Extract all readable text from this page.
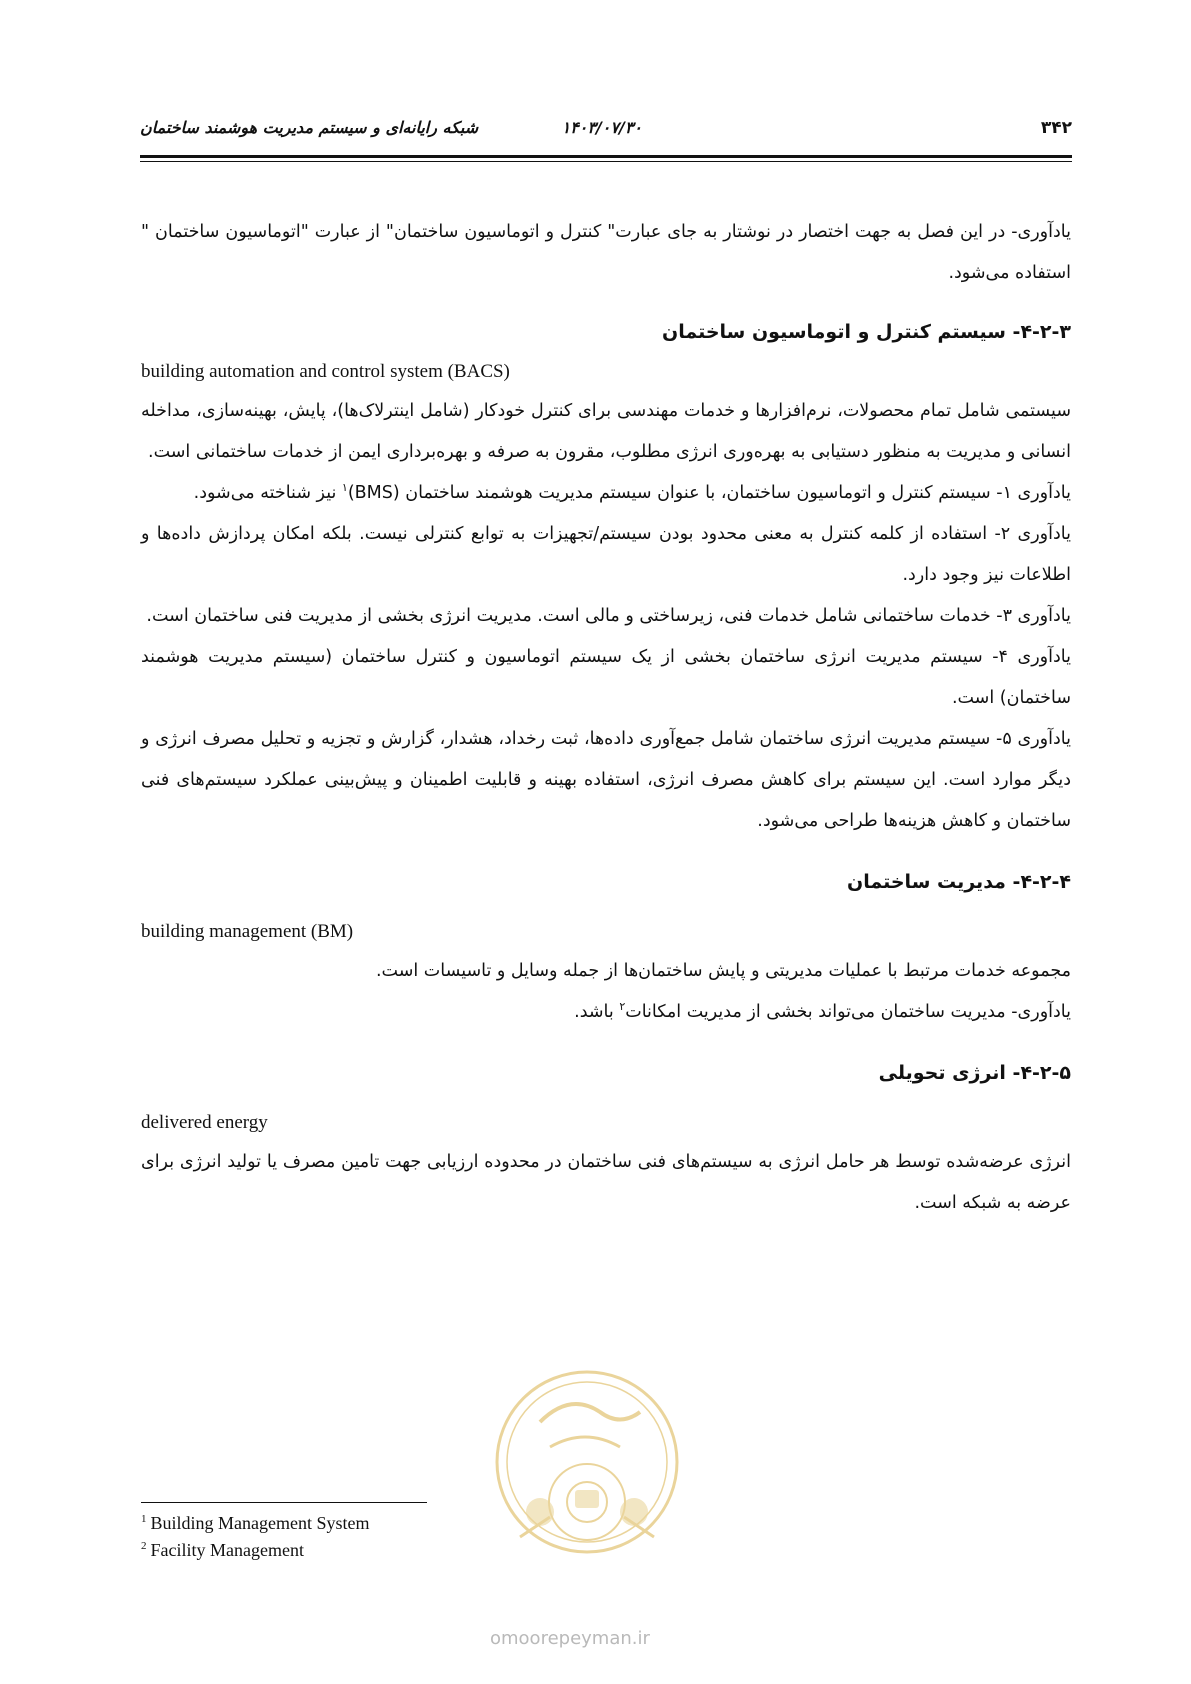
۳۴۲
۱۴۰۳/۰۷/۳۰
شبکه رایانه‌ای و سیستم مدیریت هوشمند ساختمان

یادآوری- در این فصل به جهت اختصار در نوشتار به جای عبارت" کنترل و اتوماسیون ساختمان" از عبارت "اتوماسیون ساختمان " استفاده می‌شود.

۴-۲-۳- سیستم کنترل و اتوماسیون ساختمان
building automation and control system (BACS)

سیستمی شامل تمام محصولات، نرم‌افزارها و خدمات مهندسی برای کنترل خودکار (شامل اینترلاک‌ها)، پایش، بهینه‌سازی، مداخله انسانی و مدیریت به منظور دستیابی به بهره‌وری انرژی مطلوب، مقرون به صرفه و بهره‌برداری ایمن از خدمات ساختمانی است.

یادآوری ۱- سیستم کنترل و اتوماسیون ساختمان، با عنوان سیستم مدیریت هوشمند ساختمان (BMS)$^۱$ نیز شناخته می‌شود.

یادآوری ۲- استفاده از کلمه کنترل به معنی محدود بودن سیستم/تجهیزات به توابع کنترلی نیست. بلکه امکان پردازش داده‌ها و اطلاعات نیز وجود دارد.

یادآوری ۳- خدمات ساختمانی شامل خدمات فنی، زیرساختی و مالی است. مدیریت انرژی بخشی از مدیریت فنی ساختمان است.

یادآوری ۴- سیستم مدیریت انرژی ساختمان بخشی از یک سیستم اتوماسیون و کنترل ساختمان (سیستم مدیریت هوشمند ساختمان) است.

یادآوری ۵- سیستم مدیریت انرژی ساختمان شامل جمع‌آوری داده‌ها، ثبت رخداد، هشدار، گزارش و تجزیه و تحلیل مصرف انرژی و دیگر موارد است. این سیستم برای کاهش مصرف انرژی، استفاده بهینه و قابلیت اطمینان و پیش‌بینی عملکرد سیستم‌های فنی ساختمان و کاهش هزینه‌ها طراحی می‌شود.

۴-۲-۴- مدیریت ساختمان
building management (BM)

مجموعه خدمات مرتبط با عملیات مدیریتی و پایش ساختمان‌ها از جمله وسایل و تاسیسات است.

یادآوری- مدیریت ساختمان می‌تواند بخشی از مدیریت امکانات$^۲$ باشد.

۴-۲-۵- انرژی تحویلی
delivered energy

انرژی عرضه‌شده توسط هر حامل انرژی به سیستم‌های فنی ساختمان در محدوده ارزیابی جهت تامین مصرف یا تولید انرژی برای عرضه به شبکه است.

$^1$ Building Management System
$^2$ Facility Management
omoorepeyman.ir
